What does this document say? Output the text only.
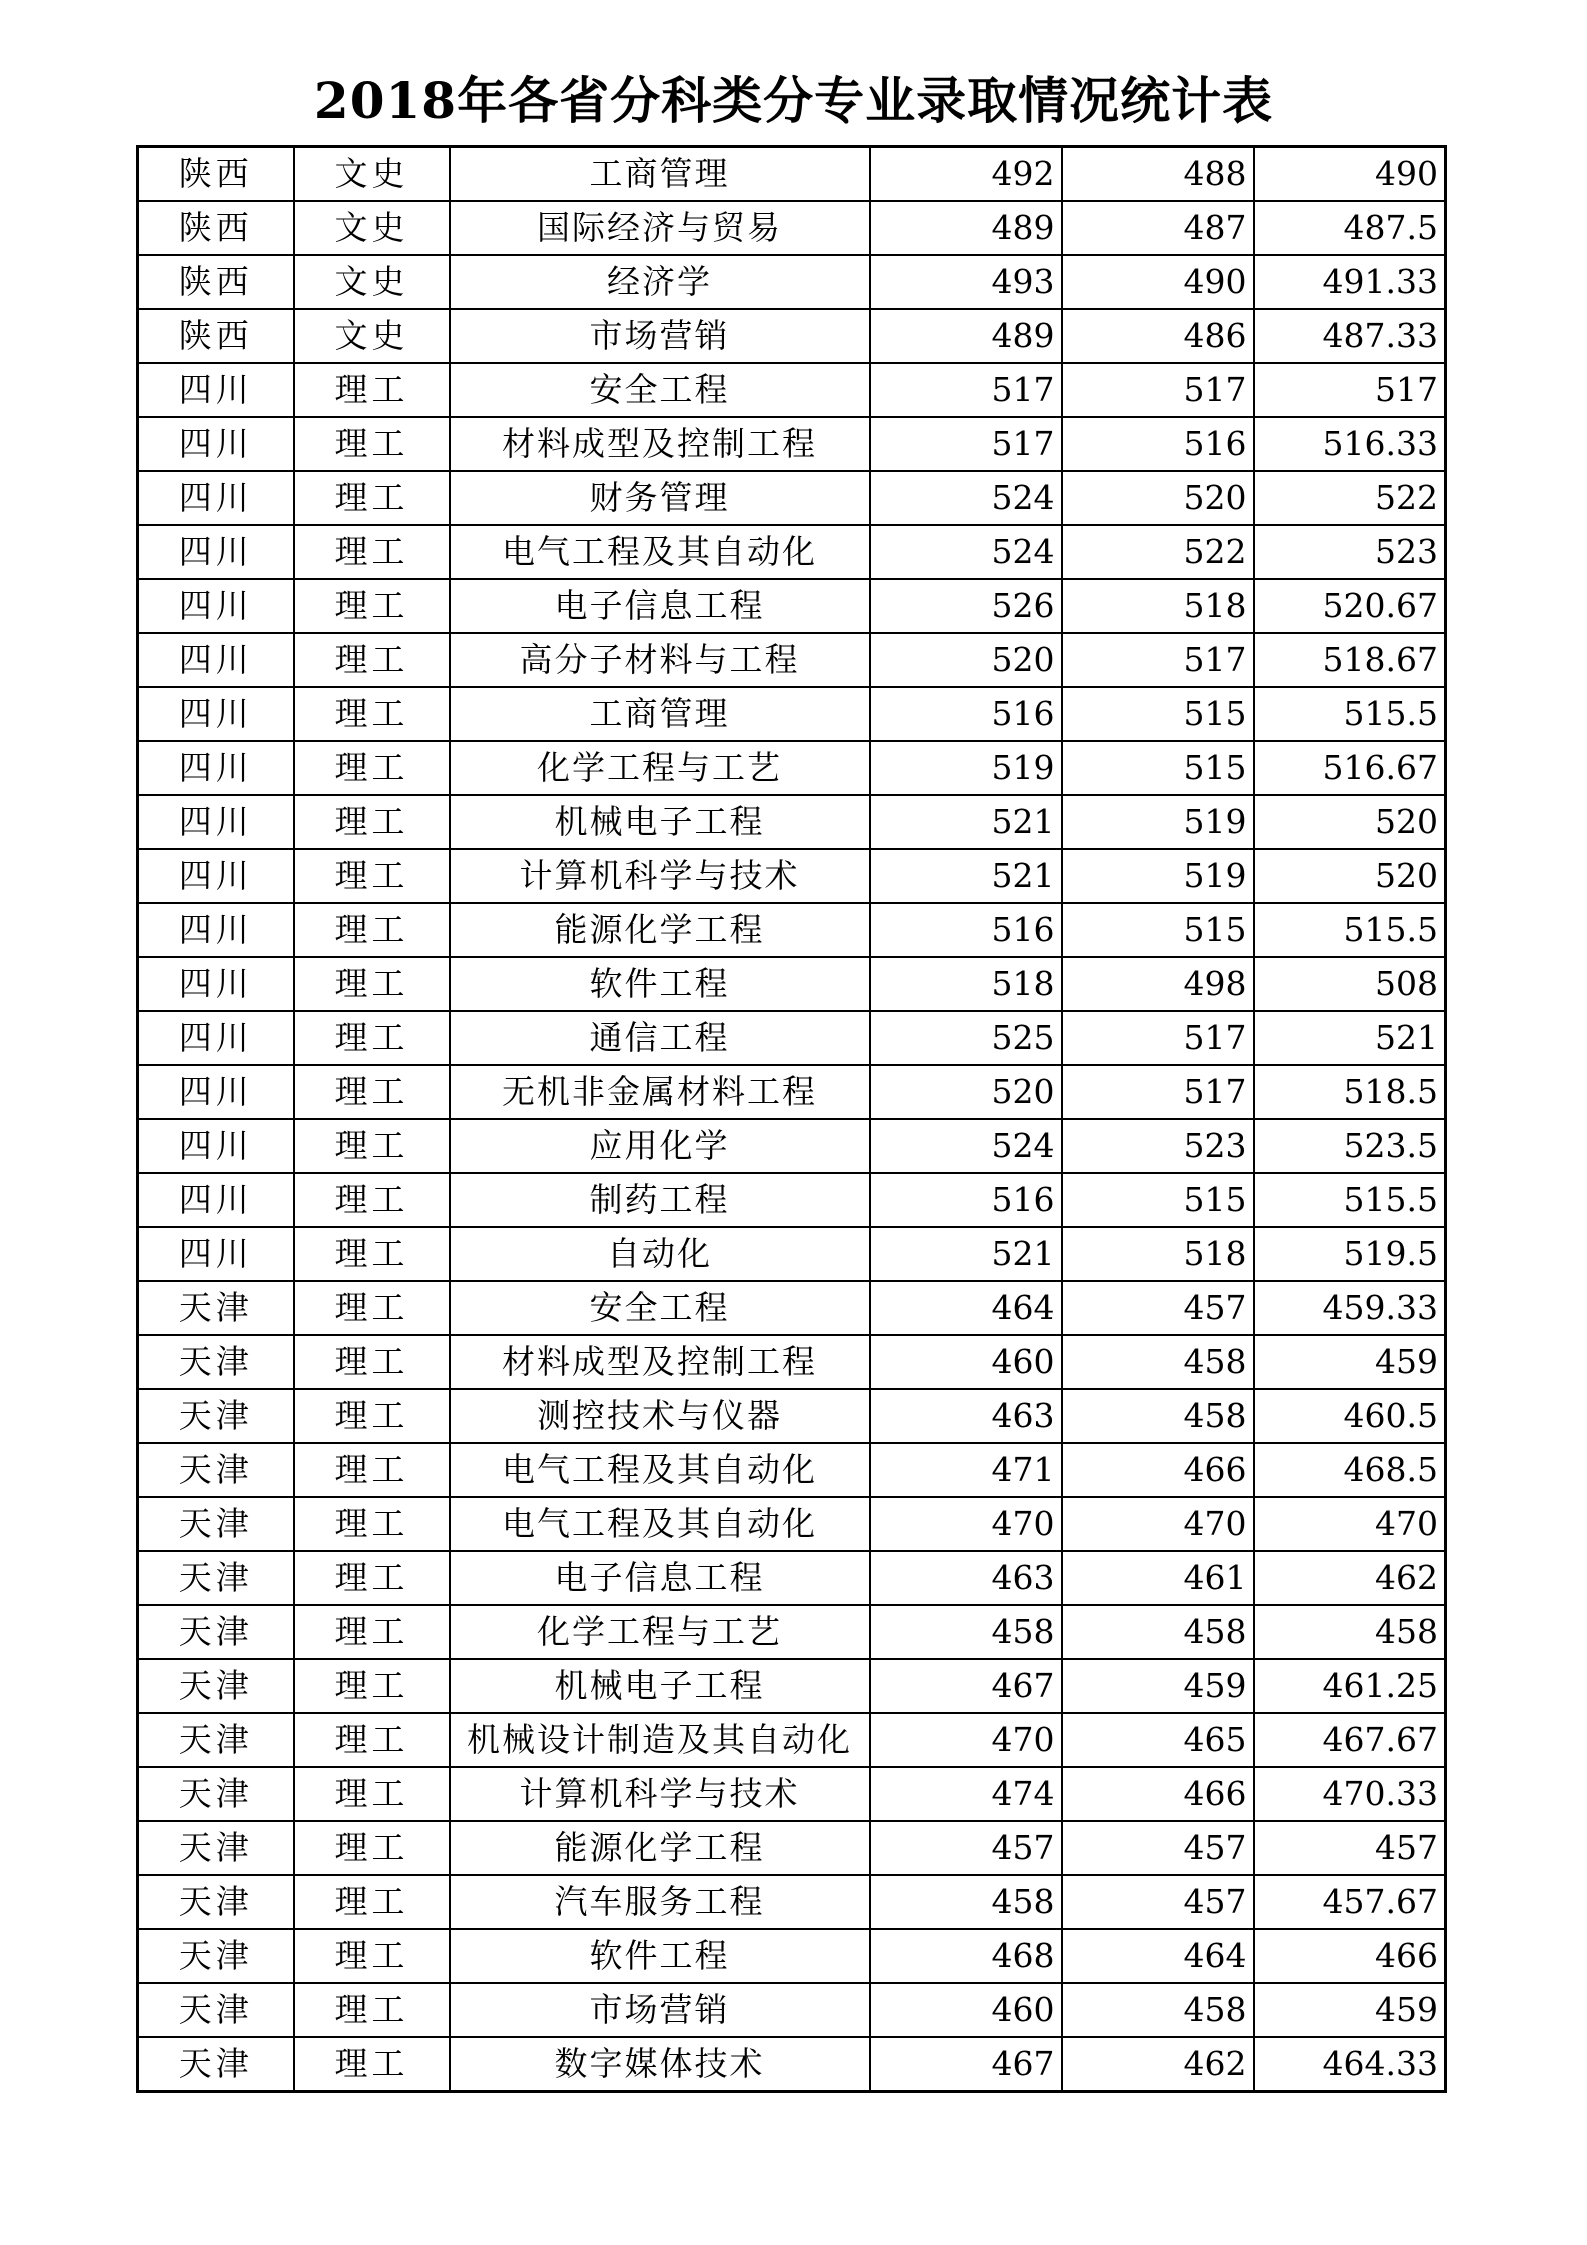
2018年各省分科类分专业录取情况统计表
陕西	文史	工商管理	492	488	490
陕西	文史	国际经济与贸易	489	487	487.5
陕西	文史	经济学	493	490	491.33
陕西	文史	市场营销	489	486	487.33
四川	理工	安全工程	517	517	517
四川	理工	材料成型及控制工程	517	516	516.33
四川	理工	财务管理	524	520	522
四川	理工	电气工程及其自动化	524	522	523
四川	理工	电子信息工程	526	518	520.67
四川	理工	高分子材料与工程	520	517	518.67
四川	理工	工商管理	516	515	515.5
四川	理工	化学工程与工艺	519	515	516.67
四川	理工	机械电子工程	521	519	520
四川	理工	计算机科学与技术	521	519	520
四川	理工	能源化学工程	516	515	515.5
四川	理工	软件工程	518	498	508
四川	理工	通信工程	525	517	521
四川	理工	无机非金属材料工程	520	517	518.5
四川	理工	应用化学	524	523	523.5
四川	理工	制药工程	516	515	515.5
四川	理工	自动化	521	518	519.5
天津	理工	安全工程	464	457	459.33
天津	理工	材料成型及控制工程	460	458	459
天津	理工	测控技术与仪器	463	458	460.5
天津	理工	电气工程及其自动化	471	466	468.5
天津	理工	电气工程及其自动化	470	470	470
天津	理工	电子信息工程	463	461	462
天津	理工	化学工程与工艺	458	458	458
天津	理工	机械电子工程	467	459	461.25
天津	理工	机械设计制造及其自动化	470	465	467.67
天津	理工	计算机科学与技术	474	466	470.33
天津	理工	能源化学工程	457	457	457
天津	理工	汽车服务工程	458	457	457.67
天津	理工	软件工程	468	464	466
天津	理工	市场营销	460	458	459
天津	理工	数字媒体技术	467	462	464.33
